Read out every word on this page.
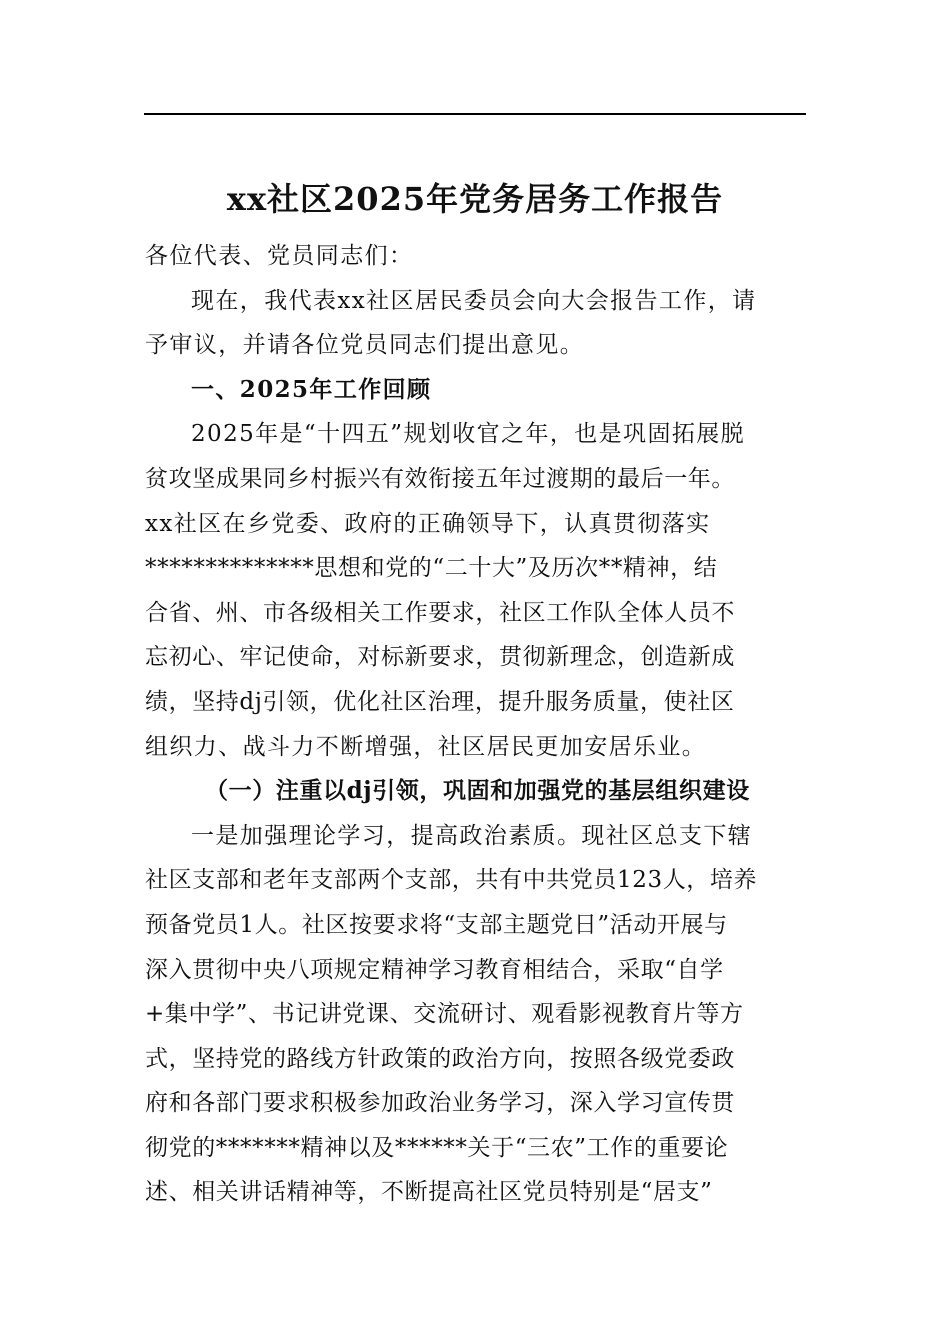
xx社区2025年党务居务工作报告
各位代表、党员同志们：
现在，我代表xx社区居民委员会向大会报告工作，请
予审议，并请各位党员同志们提出意见。
一、2025年工作回顾
2025年是“十四五”规划收官之年，也是巩固拓展脱
贫攻坚成果同乡村振兴有效衔接五年过渡期的最后一年。
xx社区在乡党委、政府的正确领导下，认真贯彻落实
**************思想和党的“二十大”及历次**精神，结
合省、州、市各级相关工作要求，社区工作队全体人员不
忘初心、牢记使命，对标新要求，贯彻新理念，创造新成
绩，坚持dj引领，优化社区治理，提升服务质量，使社区
组织力、战斗力不断增强，社区居民更加安居乐业。
（一）注重以dj引领，巩固和加强党的基层组织建设
一是加强理论学习，提高政治素质。现社区总支下辖
社区支部和老年支部两个支部，共有中共党员123人，培养
预备党员1人。社区按要求将“支部主题党日”活动开展与
深入贯彻中央八项规定精神学习教育相结合，采取“自学
+集中学”、书记讲党课、交流研讨、观看影视教育片等方
式，坚持党的路线方针政策的政治方向，按照各级党委政
府和各部门要求积极参加政治业务学习，深入学习宣传贯
彻党的*******精神以及******关于“三农”工作的重要论
述、相关讲话精神等，不断提高社区党员特别是“居支”
